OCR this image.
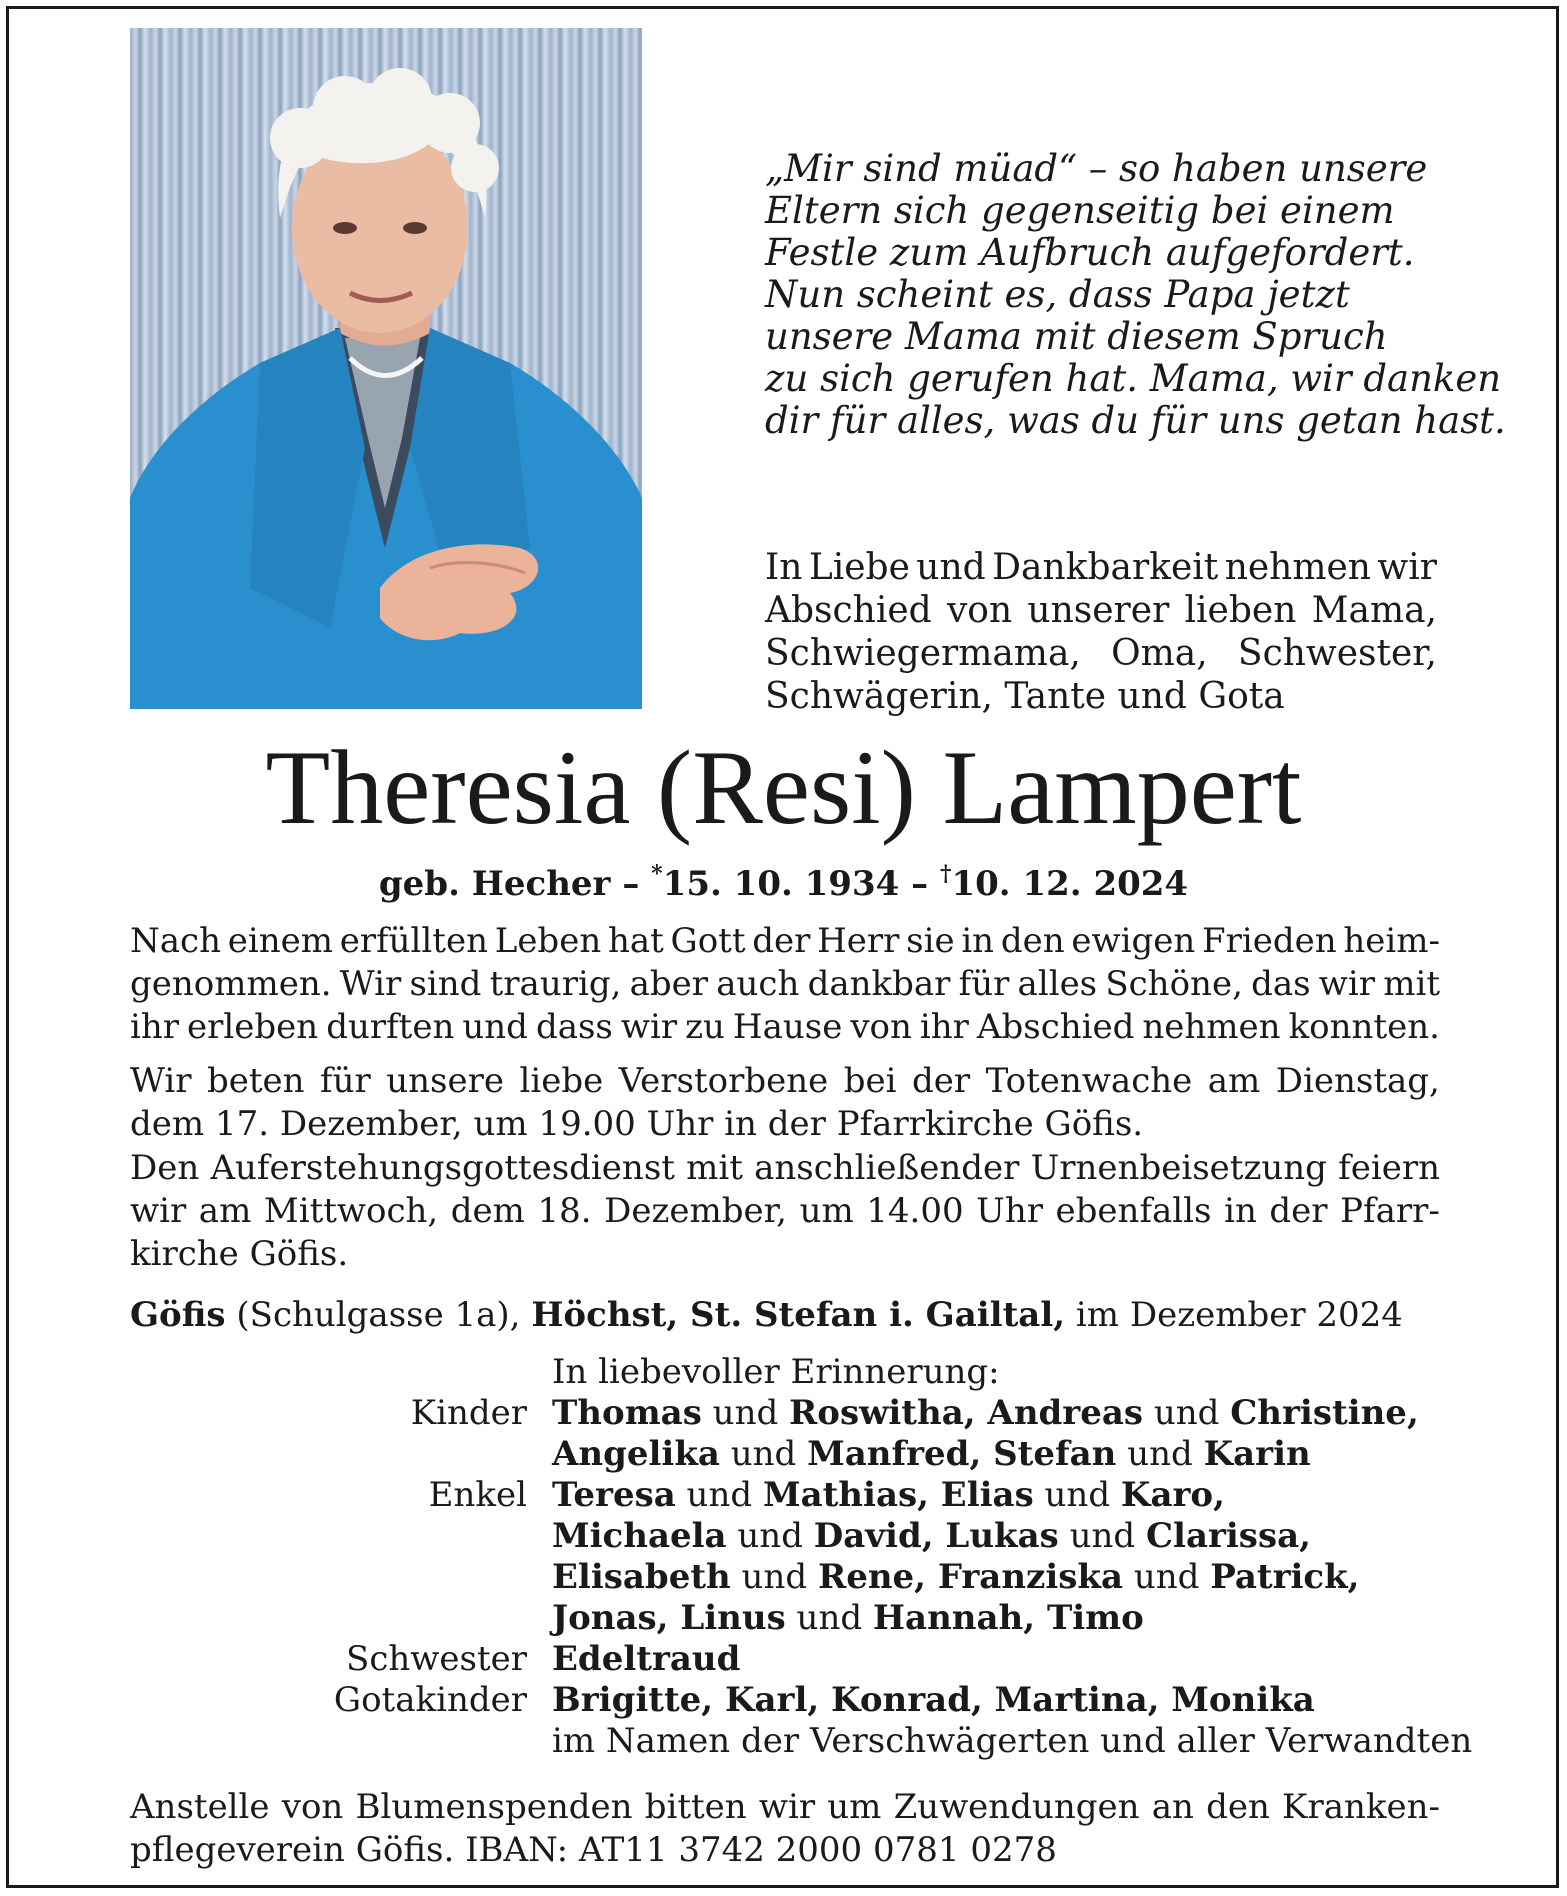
„Mir sind müad“ – so haben unsere
Eltern sich gegenseitig bei einem
Festle zum Aufbruch aufgefordert.
Nun scheint es, dass Papa jetzt
unsere Mama mit diesem Spruch
zu sich gerufen hat. Mama, wir danken
dir für alles, was du für uns getan hast.
In Liebe und Dankbarkeit nehmen wir
Abschied von unserer lieben Mama,
Schwiegermama, Oma, Schwester,
Schwägerin, Tante und Gota
Theresia (Resi) Lampert
geb. Hecher – *15. 10. 1934 – †10. 12. 2024
Nach einem erfüllten Leben hat Gott der Herr sie in den ewigen Frieden heim-
genommen. Wir sind traurig, aber auch dankbar für alles Schöne, das wir mit
ihr erleben durften und dass wir zu Hause von ihr Abschied nehmen konnten.
Wir beten für unsere liebe Verstorbene bei der Totenwache am Dienstag,
dem 17. Dezember, um 19.00 Uhr in der Pfarrkirche Göfis.
Den Auferstehungsgottesdienst mit anschließender Urnenbeisetzung feiern
wir am Mittwoch, dem 18. Dezember, um 14.00 Uhr ebenfalls in der Pfarr-
kirche Göfis.
Göfis (Schulgasse 1a), Höchst, St. Stefan i. Gailtal, im Dezember 2024
In liebevoller Erinnerung:
Kinder Thomas und Roswitha, Andreas und Christine,
Angelika und Manfred, Stefan und Karin
Enkel Teresa und Mathias, Elias und Karo,
Michaela und David, Lukas und Clarissa,
Elisabeth und Rene, Franziska und Patrick,
Jonas, Linus und Hannah, Timo
Schwester Edeltraud
Gotakinder Brigitte, Karl, Konrad, Martina, Monika
im Namen der Verschwägerten und aller Verwandten
Anstelle von Blumenspenden bitten wir um Zuwendungen an den Kranken-
pflegeverein Göfis. IBAN: AT11 3742 2000 0781 0278
